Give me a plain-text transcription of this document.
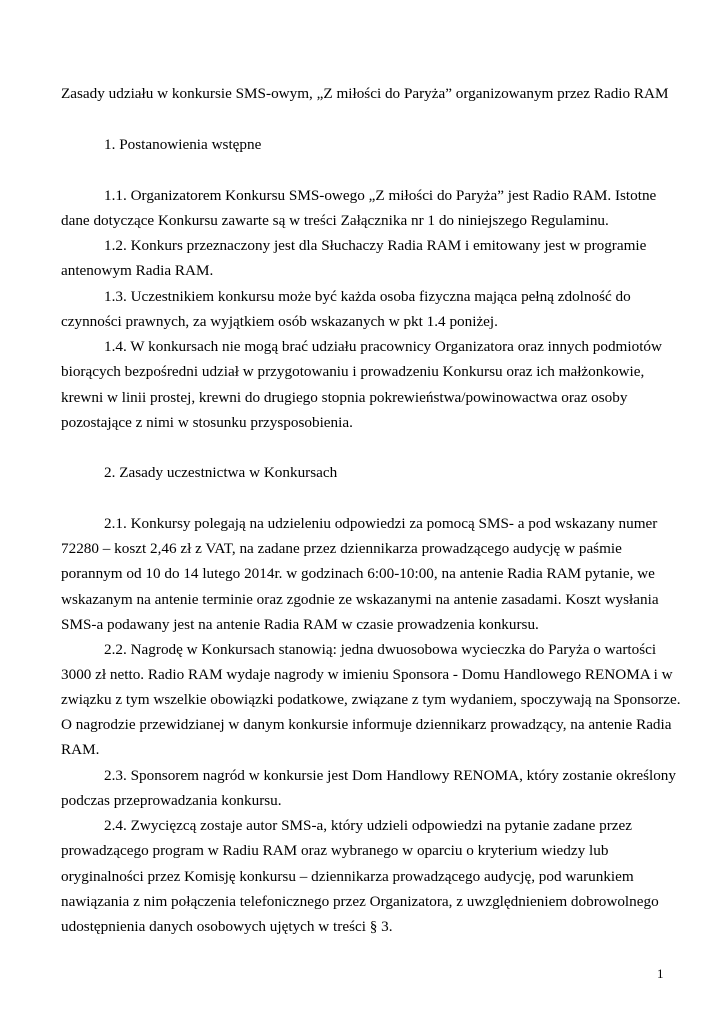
Zasady udziału w konkursie SMS-owym, „Z miłości do Paryża” organizowanym przez Radio RAM
1. Postanowienia wstępne
1.1. Organizatorem Konkursu SMS-owego „Z miłości do Paryża” jest Radio RAM. Istotne
dane dotyczące Konkursu zawarte są w treści Załącznika nr 1 do niniejszego Regulaminu.
1.2. Konkurs przeznaczony jest dla Słuchaczy Radia RAM i emitowany jest w programie
antenowym Radia RAM.
1.3. Uczestnikiem konkursu może być każda osoba fizyczna mająca pełną zdolność do
czynności prawnych, za wyjątkiem osób wskazanych w pkt 1.4 poniżej.
1.4. W konkursach nie mogą brać udziału pracownicy Organizatora oraz innych podmiotów
biorących bezpośredni udział w przygotowaniu i prowadzeniu Konkursu oraz ich małżonkowie,
krewni w linii prostej, krewni do drugiego stopnia pokrewieństwa/powinowactwa oraz osoby
pozostające z nimi w stosunku przysposobienia.
2. Zasady uczestnictwa w Konkursach
2.1. Konkursy polegają na udzieleniu odpowiedzi za pomocą SMS- a pod wskazany numer
72280 – koszt 2,46 zł z VAT, na zadane przez dziennikarza prowadzącego audycję w paśmie
porannym od 10 do 14 lutego 2014r. w godzinach 6:00-10:00, na antenie Radia RAM pytanie, we
wskazanym na antenie terminie oraz zgodnie ze wskazanymi na antenie zasadami. Koszt wysłania
SMS-a podawany jest na antenie Radia RAM w czasie prowadzenia konkursu.
2.2. Nagrodę w Konkursach stanowią: jedna dwuosobowa wycieczka do Paryża o wartości
3000 zł netto. Radio RAM wydaje nagrody w imieniu Sponsora - Domu Handlowego RENOMA i w
związku z tym wszelkie obowiązki podatkowe, związane z tym wydaniem, spoczywają na Sponsorze.
O nagrodzie przewidzianej w danym konkursie informuje dziennikarz prowadzący, na antenie Radia
RAM.
2.3. Sponsorem nagród w konkursie jest Dom Handlowy RENOMA, który zostanie określony
podczas przeprowadzania konkursu.
2.4. Zwycięzcą zostaje autor SMS-a, który udzieli odpowiedzi na pytanie zadane przez
prowadzącego program w Radiu RAM oraz wybranego w oparciu o kryterium wiedzy lub
oryginalności przez Komisję konkursu – dziennikarza prowadzącego audycję, pod warunkiem
nawiązania z nim połączenia telefonicznego przez Organizatora, z uwzględnieniem dobrowolnego
udostępnienia danych osobowych ujętych w treści § 3.
1
